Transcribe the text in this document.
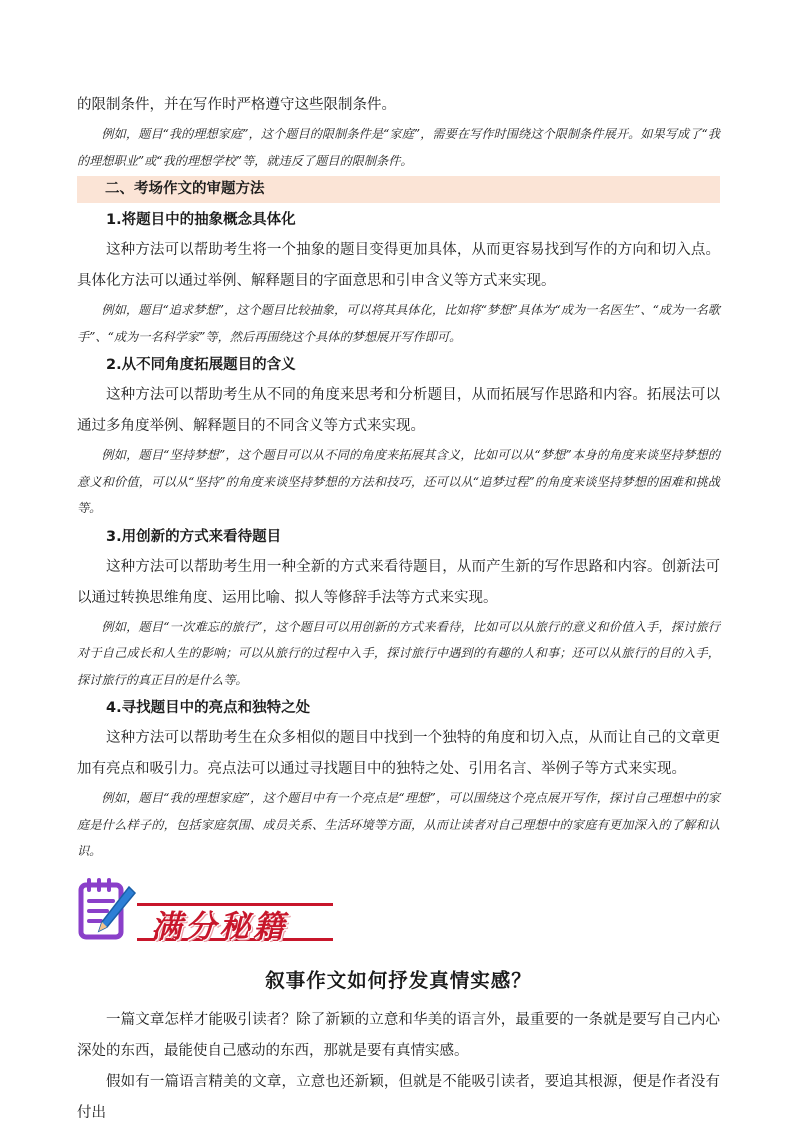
的限制条件，并在写作时严格遵守这些限制条件。

例如，题目“我的理想家庭”，这个题目的限制条件是“家庭”，需要在写作时围绕这个限制条件展开。如果写成了“我的理想职业”或“我的理想学校”等，就违反了题目的限制条件。

二、考场作文的审题方法
1.将题目中的抽象概念具体化

这种方法可以帮助考生将一个抽象的题目变得更加具体，从而更容易找到写作的方向和切入点。具体化方法可以通过举例、解释题目的字面意思和引申含义等方式来实现。

例如，题目“追求梦想”，这个题目比较抽象，可以将其具体化，比如将“梦想”具体为“成为一名医生”、“成为一名歌手”、“成为一名科学家”等，然后再围绕这个具体的梦想展开写作即可。

2.从不同角度拓展题目的含义

这种方法可以帮助考生从不同的角度来思考和分析题目，从而拓展写作思路和内容。拓展法可以通过多角度举例、解释题目的不同含义等方式来实现。

例如，题目“坚持梦想”，这个题目可以从不同的角度来拓展其含义，比如可以从“梦想”本身的角度来谈坚持梦想的意义和价值，可以从“坚持”的角度来谈坚持梦想的方法和技巧，还可以从“追梦过程”的角度来谈坚持梦想的困难和挑战等。

3.用创新的方式来看待题目

这种方法可以帮助考生用一种全新的方式来看待题目，从而产生新的写作思路和内容。创新法可以通过转换思维角度、运用比喻、拟人等修辞手法等方式来实现。

例如，题目“一次难忘的旅行”，这个题目可以用创新的方式来看待，比如可以从旅行的意义和价值入手，探讨旅行对于自己成长和人生的影响；可以从旅行的过程中入手，探讨旅行中遇到的有趣的人和事；还可以从旅行的目的入手，探讨旅行的真正目的是什么等。

4.寻找题目中的亮点和独特之处

这种方法可以帮助考生在众多相似的题目中找到一个独特的角度和切入点，从而让自己的文章更加有亮点和吸引力。亮点法可以通过寻找题目中的独特之处、引用名言、举例子等方式来实现。

例如，题目“我的理想家庭”，这个题目中有一个亮点是“理想”，可以围绕这个亮点展开写作，探讨自己理想中的家庭是什么样子的，包括家庭氛围、成员关系、生活环境等方面，从而让读者对自己理想中的家庭有更加深入的了解和认识。

满分秘籍
叙事作文如何抒发真情实感？

一篇文章怎样才能吸引读者？除了新颖的立意和华美的语言外，最重要的一条就是要写自己内心深处的东西，最能使自己感动的东西，那就是要有真情实感。

假如有一篇语言精美的文章，立意也还新颖，但就是不能吸引读者，要追其根源，便是作者没有付出
